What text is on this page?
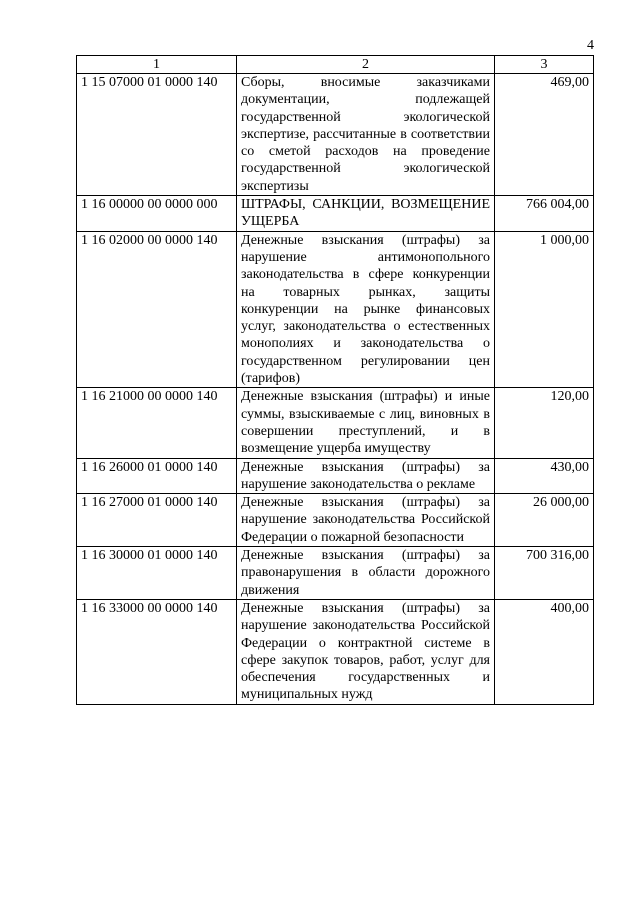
4
1	2	3
1 15 07000 01 0000 140	Сборы, вносимые заказчиками документации, подлежащей государственной экологической экспертизе, рассчитанные в соответствии со сметой расходов на проведение государственной экологической экспертизы	469,00
1 16 00000 00 0000 000	ШТРАФЫ, САНКЦИИ, ВОЗМЕЩЕНИЕ УЩЕРБА	766 004,00
1 16 02000 00 0000 140	Денежные взыскания (штрафы) за нарушение антимонопольного законодательства в сфере конкуренции на товарных рынках, защиты конкуренции на рынке финансовых услуг, законодательства о естественных монополиях и законодательства о государственном регулировании цен (тарифов)	1 000,00
1 16 21000 00 0000 140	Денежные взыскания (штрафы) и иные суммы, взыскиваемые с лиц, виновных в совершении преступлений, и в возмещение ущерба имуществу	120,00
1 16 26000 01 0000 140	Денежные взыскания (штрафы) за нарушение законодательства о рекламе	430,00
1 16 27000 01 0000 140	Денежные взыскания (штрафы) за нарушение законодательства Российской Федерации о пожарной безопасности	26 000,00
1 16 30000 01 0000 140	Денежные взыскания (штрафы) за правонарушения в области дорожного движения	700 316,00
1 16 33000 00 0000 140	Денежные взыскания (штрафы) за нарушение законодательства Российской Федерации о контрактной системе в сфере закупок товаров, работ, услуг для обеспечения государственных и муниципальных нужд	400,00
